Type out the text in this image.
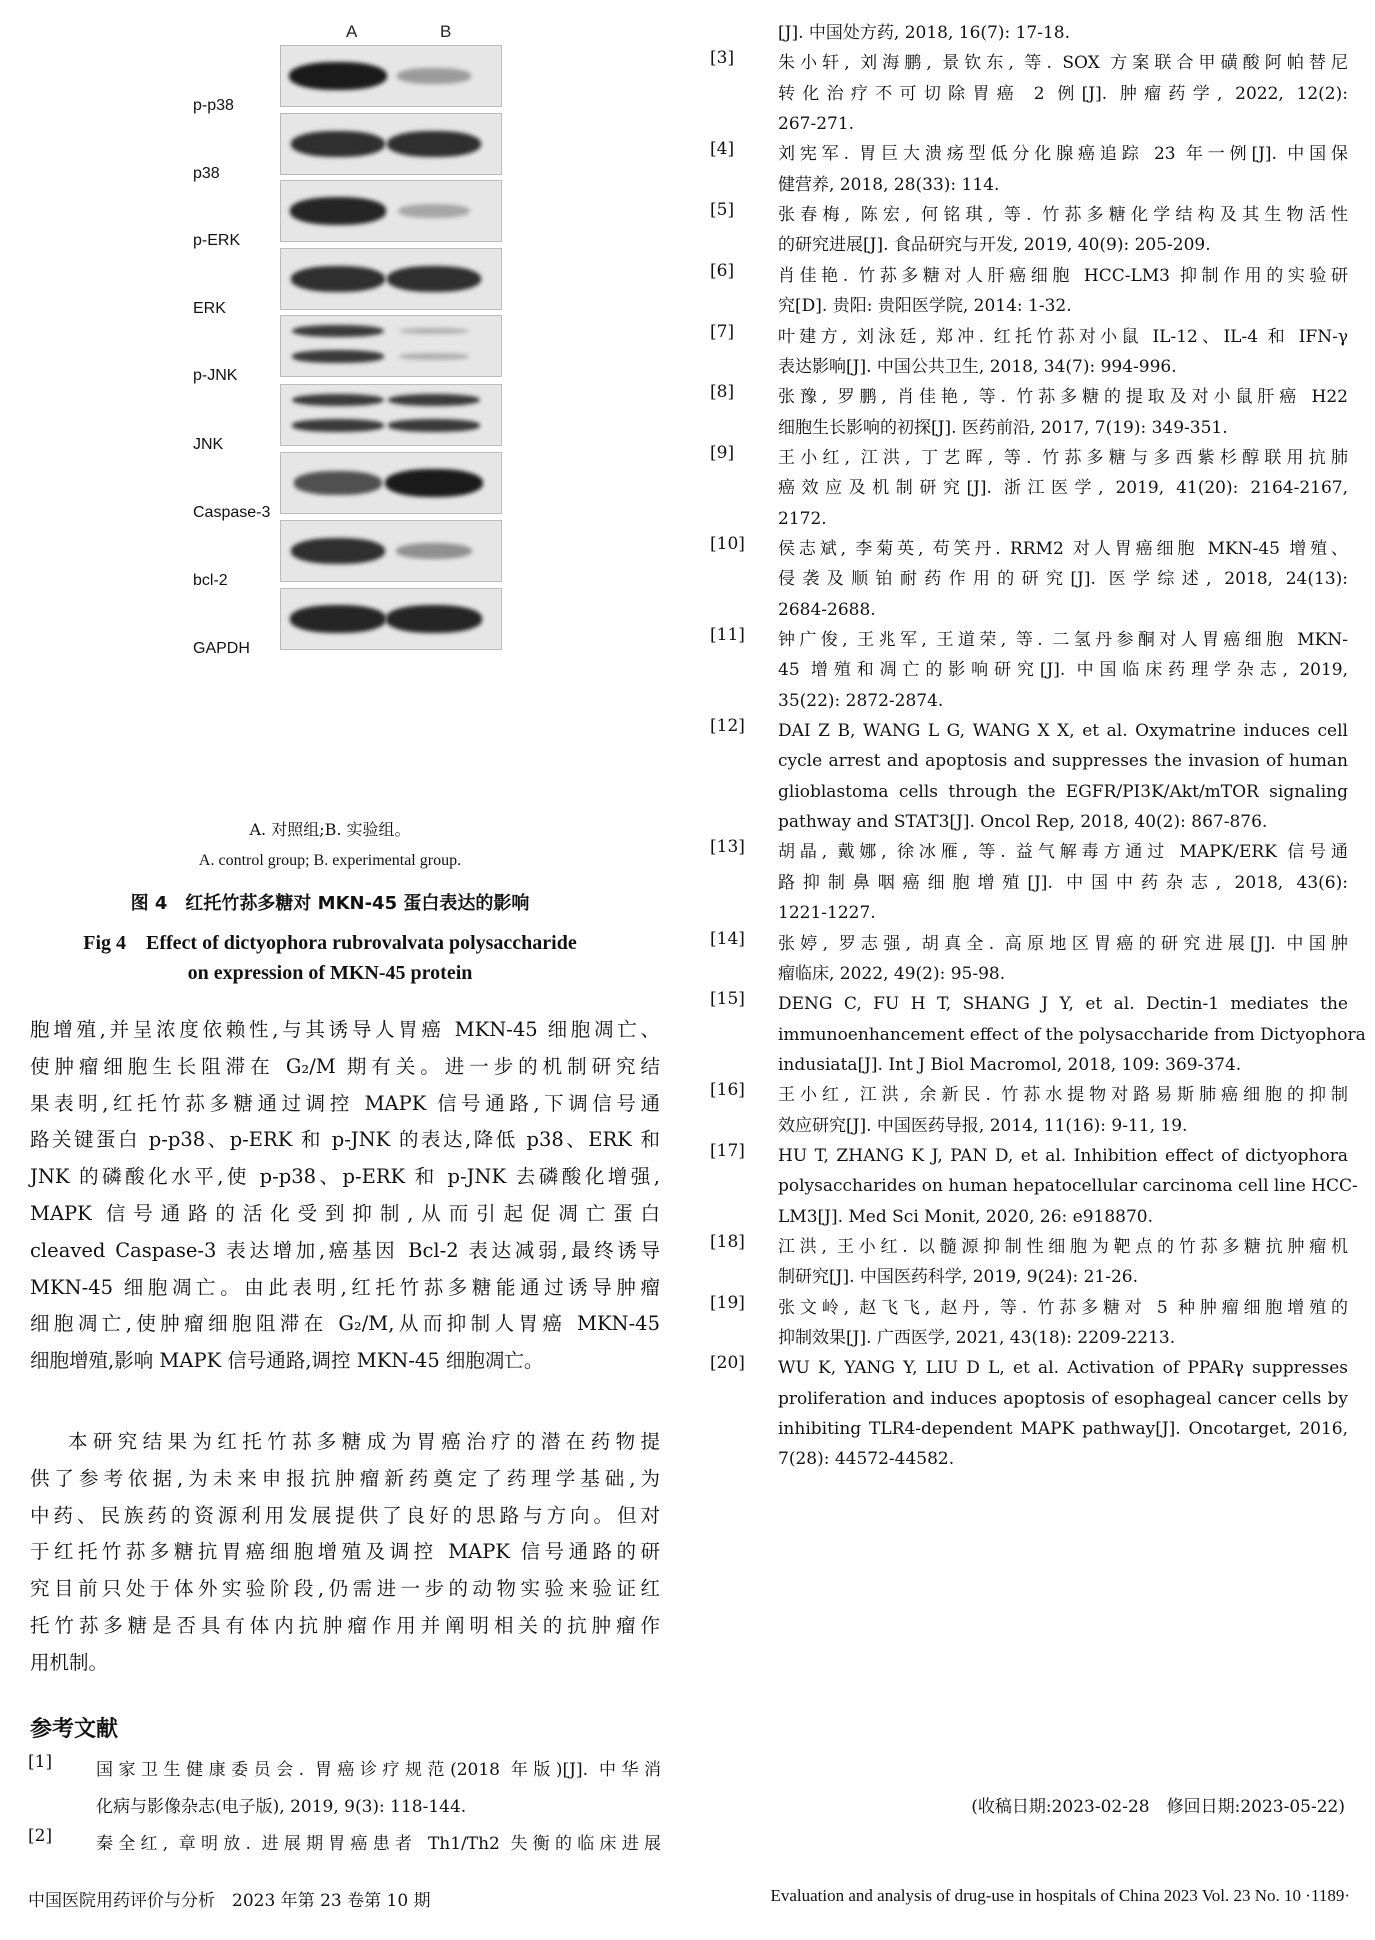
A	B
A. 对照组;B. 实验组。
A. control group; B. experimental group.
图 4　红托竹荪多糖对 MKN-45 蛋白表达的影响
Fig 4　Effect of dictyophora rubrovalvata polysaccharide
on expression of MKN-45 protein
p-p38
p38
p-ERK
ERK
p-JNK
JNK
Caspase-3
bcl-2
GAPDH
胞增殖,并呈浓度依赖性,与其诱导人胃癌 MKN-45 细胞凋亡、
使肿瘤细胞生长阻滞在 G₂/M 期有关。进一步的机制研究结
果表明,红托竹荪多糖通过调控 MAPK 信号通路,下调信号通
路关键蛋白 p-p38、p-ERK 和 p-JNK 的表达,降低 p38、ERK 和
JNK 的磷酸化水平,使 p-p38、p-ERK 和 p-JNK 去磷酸化增强,
MAPK 信号通路的活化受到抑制,从而引起促凋亡蛋白
cleaved Caspase-3 表达增加,癌基因 Bcl-2 表达减弱,最终诱导
MKN-45 细胞凋亡。由此表明,红托竹荪多糖能通过诱导肿瘤
细胞凋亡,使肿瘤细胞阻滞在 G₂/M,从而抑制人胃癌 MKN-45
细胞增殖,影响 MAPK 信号通路,调控 MKN-45 细胞凋亡。
本研究结果为红托竹荪多糖成为胃癌治疗的潜在药物提
供了参考依据,为未来申报抗肿瘤新药奠定了药理学基础,为
中药、民族药的资源利用发展提供了良好的思路与方向。但对
于红托竹荪多糖抗胃癌细胞增殖及调控 MAPK 信号通路的研
究目前只处于体外实验阶段,仍需进一步的动物实验来验证红
托竹荪多糖是否具有体内抗肿瘤作用并阐明相关的抗肿瘤作
用机制。
参考文献
[1]	国家卫生健康委员会. 胃癌诊疗规范(2018 年版)[J]. 中华消
化病与影像杂志(电子版), 2019, 9(3): 118-144.
[2]	秦全红, 章明放. 进展期胃癌患者 Th1/Th2 失衡的临床进展
[J]. 中国处方药, 2018, 16(7): 17-18.
[3]	朱小轩, 刘海鹏, 景钦东, 等. SOX 方案联合甲磺酸阿帕替尼
转化治疗不可切除胃癌 2 例[J]. 肿瘤药学, 2022, 12(2):
267-271.
[4]	刘宪军. 胃巨大溃疡型低分化腺癌追踪 23 年一例[J]. 中国保
健营养, 2018, 28(33): 114.
[5]	张春梅, 陈宏, 何铭琪, 等. 竹荪多糖化学结构及其生物活性
的研究进展[J]. 食品研究与开发, 2019, 40(9): 205-209.
[6]	肖佳艳. 竹荪多糖对人肝癌细胞 HCC-LM3 抑制作用的实验研
究[D]. 贵阳: 贵阳医学院, 2014: 1-32.
[7]	叶建方, 刘泳廷, 郑冲. 红托竹荪对小鼠 IL-12、IL-4 和 IFN-γ
表达影响[J]. 中国公共卫生, 2018, 34(7): 994-996.
[8]	张豫, 罗鹏, 肖佳艳, 等. 竹荪多糖的提取及对小鼠肝癌 H22
细胞生长影响的初探[J]. 医药前沿, 2017, 7(19): 349-351.
[9]	王小红, 江洪, 丁艺晖, 等. 竹荪多糖与多西紫杉醇联用抗肺
癌效应及机制研究[J]. 浙江医学, 2019, 41(20): 2164-2167,
2172.
[10]	侯志斌, 李菊英, 苟笑丹. RRM2 对人胃癌细胞 MKN-45 增殖、
侵袭及顺铂耐药作用的研究[J]. 医学综述, 2018, 24(13):
2684-2688.
[11]	钟广俊, 王兆军, 王道荣, 等. 二氢丹参酮对人胃癌细胞 MKN-
45 增殖和凋亡的影响研究[J]. 中国临床药理学杂志, 2019,
35(22): 2872-2874.
[12]	DAI Z B, WANG L G, WANG X X, et al. Oxymatrine induces cell
cycle arrest and apoptosis and suppresses the invasion of human
glioblastoma cells through the EGFR/PI3K/Akt/mTOR signaling
pathway and STAT3[J]. Oncol Rep, 2018, 40(2): 867-876.
[13]	胡晶, 戴娜, 徐冰雁, 等. 益气解毒方通过 MAPK/ERK 信号通
路抑制鼻咽癌细胞增殖[J]. 中国中药杂志, 2018, 43(6):
1221-1227.
[14]	张婷, 罗志强, 胡真全. 高原地区胃癌的研究进展[J]. 中国肿
瘤临床, 2022, 49(2): 95-98.
[15]	DENG C, FU H T, SHANG J Y, et al. Dectin-1 mediates the
immunoenhancement effect of the polysaccharide from Dictyophora
indusiata[J]. Int J Biol Macromol, 2018, 109: 369-374.
[16]	王小红, 江洪, 余新民. 竹荪水提物对路易斯肺癌细胞的抑制
效应研究[J]. 中国医药导报, 2014, 11(16): 9-11, 19.
[17]	HU T, ZHANG K J, PAN D, et al. Inhibition effect of dictyophora
polysaccharides on human hepatocellular carcinoma cell line HCC-
LM3[J]. Med Sci Monit, 2020, 26: e918870.
[18]	江洪, 王小红. 以髓源抑制性细胞为靶点的竹荪多糖抗肿瘤机
制研究[J]. 中国医药科学, 2019, 9(24): 21-26.
[19]	张文岭, 赵飞飞, 赵丹, 等. 竹荪多糖对 5 种肿瘤细胞增殖的
抑制效果[J]. 广西医学, 2021, 43(18): 2209-2213.
[20]	WU K, YANG Y, LIU D L, et al. Activation of PPARγ suppresses
proliferation and induces apoptosis of esophageal cancer cells by
inhibiting TLR4-dependent MAPK pathway[J]. Oncotarget, 2016,
7(28): 44572-44582.
(收稿日期:2023-02-28　修回日期:2023-05-22)
中国医院用药评价与分析　2023 年第 23 卷第 10 期	Evaluation and analysis of drug-use in hospitals of China 2023 Vol. 23 No. 10 ·1189·
